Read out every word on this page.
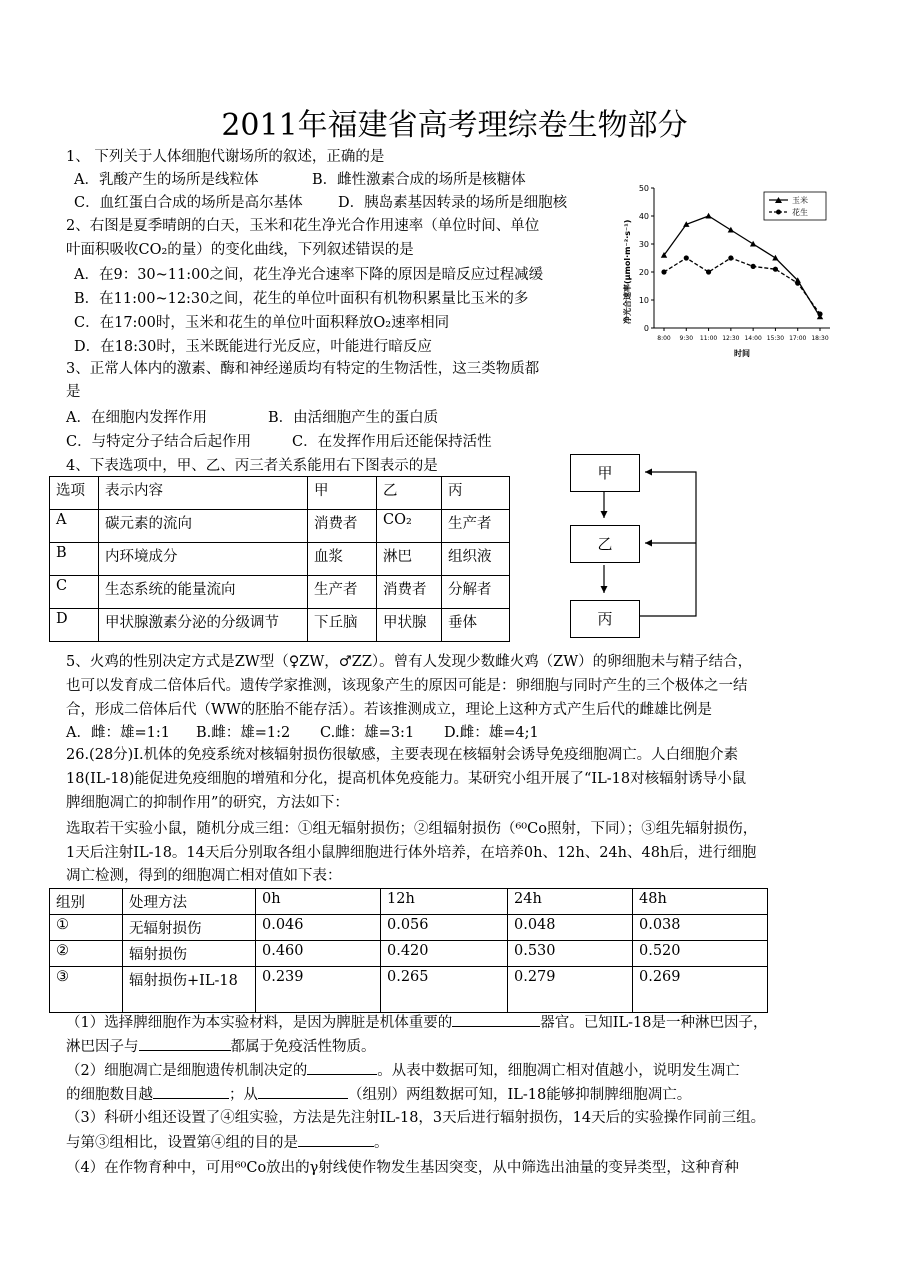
2011年福建省高考理综卷生物部分
1、 下列关于人体细胞代谢场所的叙述，正确的是
A．乳酸产生的场所是线粒体	B．雌性激素合成的场所是核糖体
C．血红蛋白合成的场所是高尔基体 D．胰岛素基因转录的场所是细胞核
2、右图是夏季晴朗的白天，玉米和花生净光合作用速率（单位时间、单位
叶面积吸收CO₂的量）的变化曲线，下列叙述错误的是
A．在9：30~11:00之间，花生净光合速率下降的原因是暗反应过程减缓
B．在11:00~12:30之间，花生的单位叶面积有机物积累量比玉米的多
C．在17:00时，玉米和花生的单位叶面积释放O₂速率相同
D．在18:30时，玉米既能进行光反应，叶能进行暗反应
净光合速率(μmol·m⁻²·s⁻¹)
0
10
20
30
40
50
8:00 9:30 11:00 12:30 14:00 15:30 17:00 18:30
时间
玉米
花生
3、正常人体内的激素、酶和神经递质均有特定的生物活性，这三类物质都
是
A．在细胞内发挥作用	B．由活细胞产生的蛋白质
C．与特定分子结合后起作用	C．在发挥作用后还能保持活性
4、下表选项中，甲、乙、丙三者关系能用右下图表示的是
选项	表示内容	甲	乙	丙
A	碳元素的流向	消费者	CO₂	生产者
B	内环境成分	血浆	淋巴	组织液
C	生态系统的能量流向	生产者	消费者	分解者
D	甲状腺激素分泌的分级调节	下丘脑	甲状腺	垂体
甲
乙
丙
5、火鸡的性别决定方式是ZW型（♀ZW，♂ZZ）。曾有人发现少数雌火鸡（ZW）的卵细胞未与精子结合，
也可以发育成二倍体后代。遗传学家推测，该现象产生的原因可能是：卵细胞与同时产生的三个极体之一结
合，形成二倍体后代（WW的胚胎不能存活）。若该推测成立，理论上这种方式产生后代的雌雄比例是
A．雌：雄=1:1 B.雌：雄=1:2 C.雌：雄=3:1 D.雌：雄=4;1
26.(28分)Ⅰ.机体的免疫系统对核辐射损伤很敏感，主要表现在核辐射会诱导免疫细胞凋亡。人白细胞介素
18(IL-18)能促进免疫细胞的增殖和分化，提高机体免疫能力。某研究小组开展了“IL-18对核辐射诱导小鼠
脾细胞凋亡的抑制作用”的研究，方法如下：
选取若干实验小鼠，随机分成三组：①组无辐射损伤；②组辐射损伤（⁶⁰Co照射，下同）；③组先辐射损伤，
1天后注射IL-18。14天后分别取各组小鼠脾细胞进行体外培养，在培养0h、12h、24h、48h后，进行细胞
凋亡检测，得到的细胞凋亡相对值如下表：
组别	处理方法	0h	12h	24h	48h
①	无辐射损伤	0.046	0.056	0.048	0.038
②	辐射损伤	0.460	0.420	0.530	0.520
③	辐射损伤+IL-18	0.239	0.265	0.279	0.269
（1）选择脾细胞作为本实验材料，是因为脾脏是机体重要的	器官。已知IL-18是一种淋巴因子，
淋巴因子与	都属于免疫活性物质。
（2）细胞凋亡是细胞遗传机制决定的	。从表中数据可知，细胞凋亡相对值越小，说明发生凋亡
的细胞数目越	；从	（组别）两组数据可知，IL-18能够抑制脾细胞凋亡。
（3）科研小组还设置了④组实验，方法是先注射IL-18，3天后进行辐射损伤，14天后的实验操作同前三组。
与第③组相比，设置第④组的目的是	。
（4）在作物育种中，可用⁶⁰Co放出的γ射线使作物发生基因突变，从中筛选出油量的变异类型，这种育种
